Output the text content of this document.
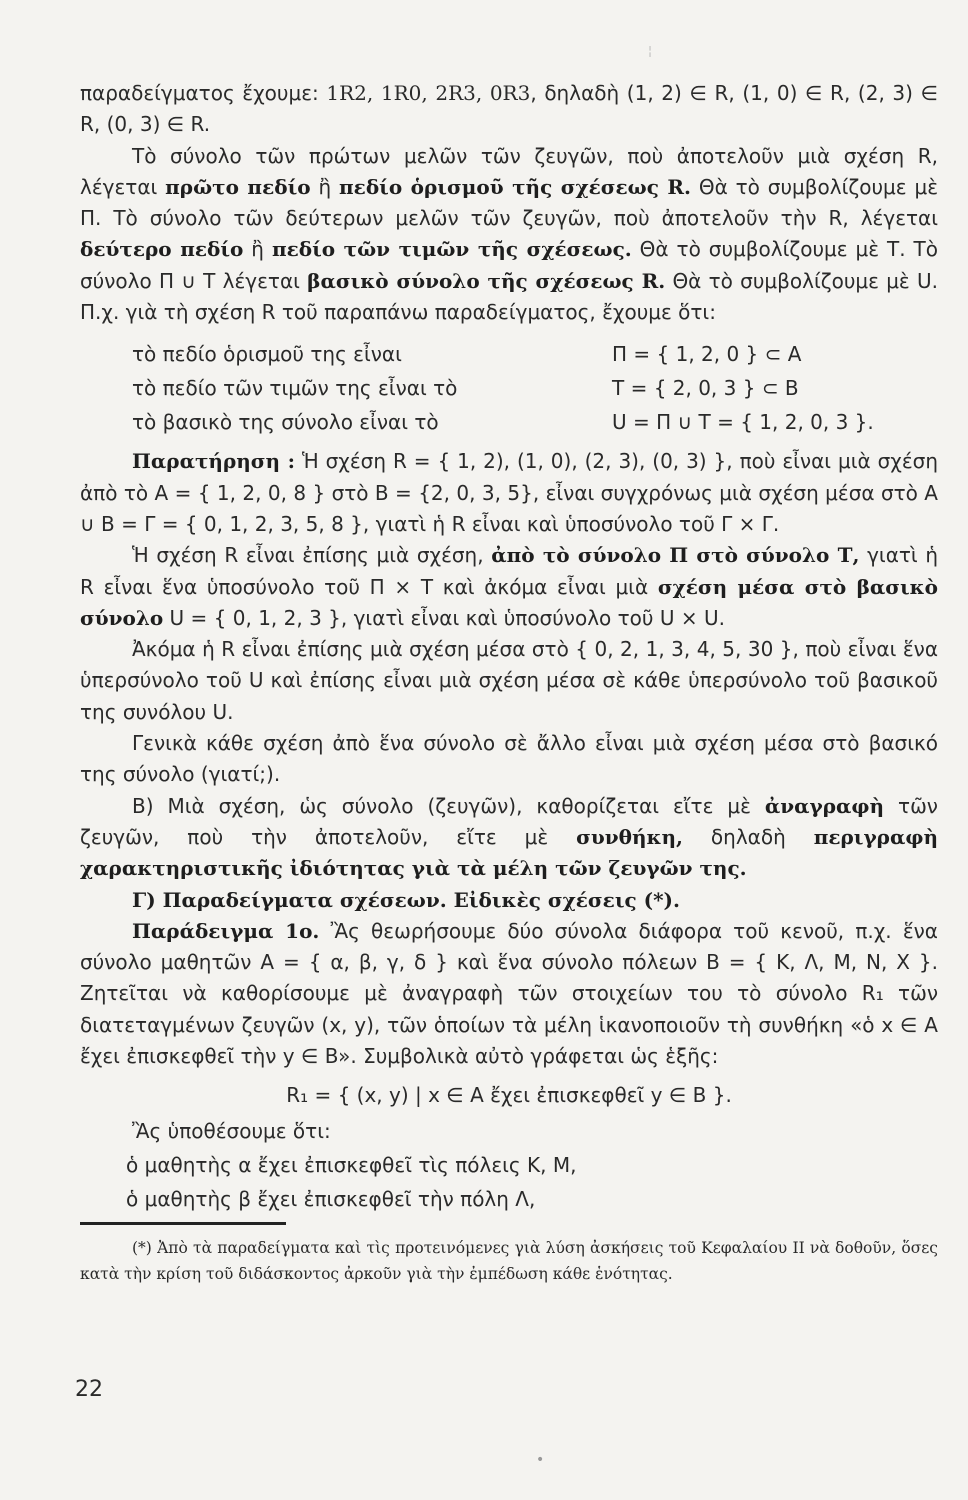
παραδείγματος ἔχουμε: 1R2, 1R0, 2R3, 0R3, δηλαδὴ (1, 2) ∈ R, (1, 0) ∈ R, (2, 3) ∈ R, (0, 3) ∈ R.

Τὸ σύνολο τῶν πρώτων μελῶν τῶν ζευγῶν, ποὺ ἀποτελοῦν μιὰ σχέση R, λέγεται πρῶτο πεδίο ἢ πεδίο ὁρισμοῦ τῆς σχέσεως R. Θὰ τὸ συμβολίζουμε μὲ Π. Τὸ σύνολο τῶν δεύτερων μελῶν τῶν ζευγῶν, ποὺ ἀποτελοῦν τὴν R, λέγεται δεύτερο πεδίο ἢ πεδίο τῶν τιμῶν τῆς σχέσεως. Θὰ τὸ συμβολίζουμε μὲ Τ. Τὸ σύνολο Π ∪ Τ λέγεται βασικὸ σύνολο τῆς σχέσεως R. Θὰ τὸ συμβολίζουμε μὲ U. Π.χ. γιὰ τὴ σχέση R τοῦ παραπάνω παραδείγματος, ἔχουμε ὅτι:

τὸ πεδίο ὁρισμοῦ της εἶναι	Π = { 1, 2, 0 } ⊂ Α
τὸ πεδίο τῶν τιμῶν της εἶναι τὸ	Τ = { 2, 0, 3 } ⊂ Β
τὸ βασικὸ της σύνολο εἶναι τὸ	U = Π ∪ Τ = { 1, 2, 0, 3 }.

Παρατήρηση : Ἡ σχέση R = { 1, 2), (1, 0), (2, 3), (0, 3) }, ποὺ εἶναι μιὰ σχέση ἀπὸ τὸ Α = { 1, 2, 0, 8 } στὸ Β = {2, 0, 3, 5}, εἶναι συγχρόνως μιὰ σχέση μέσα στὸ Α ∪ Β = Γ = { 0, 1, 2, 3, 5, 8 }, γιατὶ ἡ R εἶναι καὶ ὑποσύνολο τοῦ Γ × Γ.

Ἡ σχέση R εἶναι ἐπίσης μιὰ σχέση, ἀπὸ τὸ σύνολο Π στὸ σύνολο Τ, γιατὶ ἡ R εἶναι ἕνα ὑποσύνολο τοῦ Π × Τ καὶ ἀκόμα εἶναι μιὰ σχέση μέσα στὸ βασικὸ σύνολο U = { 0, 1, 2, 3 }, γιατὶ εἶναι καὶ ὑποσύνολο τοῦ U × U.

Ἀκόμα ἡ R εἶναι ἐπίσης μιὰ σχέση μέσα στὸ { 0, 2, 1, 3, 4, 5, 30 }, ποὺ εἶναι ἕνα ὑπερσύνολο τοῦ U καὶ ἐπίσης εἶναι μιὰ σχέση μέσα σὲ κάθε ὑπερσύνολο τοῦ βασικοῦ της συνόλου U.

Γενικὰ κάθε σχέση ἀπὸ ἕνα σύνολο σὲ ἄλλο εἶναι μιὰ σχέση μέσα στὸ βασικό της σύνολο (γιατί;).

Β) Μιὰ σχέση, ὡς σύνολο (ζευγῶν), καθορίζεται εἴτε μὲ ἀναγραφὴ τῶν ζευγῶν, ποὺ τὴν ἀποτελοῦν, εἴτε μὲ συνθήκη, δηλαδὴ περιγραφὴ χαρακτηριστικῆς ἰδιότητας γιὰ τὰ μέλη τῶν ζευγῶν της.

Γ) Παραδείγματα σχέσεων. Εἰδικὲς σχέσεις (*).

Παράδειγμα 1ο. Ἂς θεωρήσουμε δύο σύνολα διάφορα τοῦ κενοῦ, π.χ. ἕνα σύνολο μαθητῶν Α = { α, β, γ, δ } καὶ ἕνα σύνολο πόλεων Β = { Κ, Λ, Μ, Ν, Χ }. Ζητεῖται νὰ καθορίσουμε μὲ ἀναγραφὴ τῶν στοιχείων του τὸ σύνολο R₁ τῶν διατεταγμένων ζευγῶν (x, y), τῶν ὁποίων τὰ μέλη ἱκανοποιοῦν τὴ συνθήκη «ὁ x ∈ A ἔχει ἐπισκεφθεῖ τὴν y ∈ B». Συμβολικὰ αὐτὸ γράφεται ὡς ἑξῆς:

R₁ = { (x, y) | x ∈ A ἔχει ἐπισκεφθεῖ y ∈ B }.

Ἂς ὑποθέσουμε ὅτι:

ὁ μαθητὴς α ἔχει ἐπισκεφθεῖ τὶς πόλεις Κ, Μ,

ὁ μαθητὴς β ἔχει ἐπισκεφθεῖ τὴν πόλη Λ,

(*) Ἀπὸ τὰ παραδείγματα καὶ τὶς προτεινόμενες γιὰ λύση ἀσκήσεις τοῦ Κεφαλαίου ΙΙ νὰ δοθοῦν, ὅσες κατὰ τὴν κρίση τοῦ διδάσκοντος ἀρκοῦν γιὰ τὴν ἐμπέδωση κάθε ἑνότητας.

22
¦
•
